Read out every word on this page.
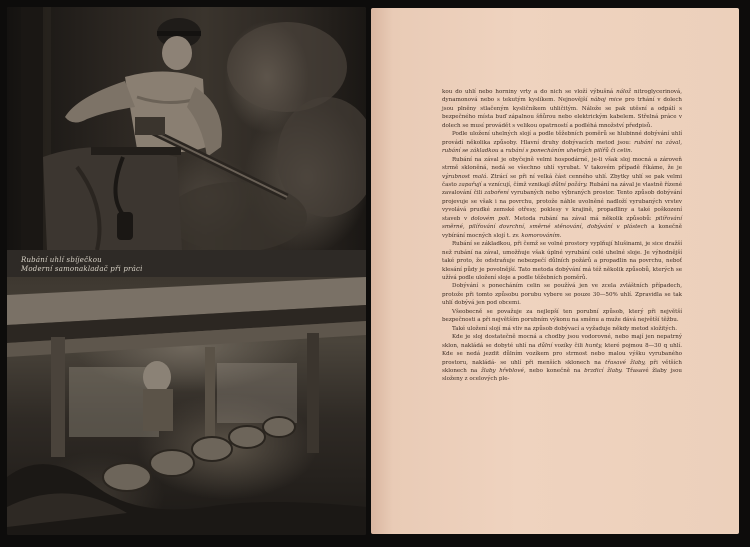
Rubání uhlí sbíječkou
Moderní samonakladač při práci

kou do uhlí nebo horniny vrty a do nich se vloží výbušná nálož nitroglycerinová, dynamonová nebo s tekutým kyslíkem. Nejnovější náboj mice pro trhání v dolech jsou plněny stlačeným kysličníkem uhličitým. Nálože se pak utěsní a odpálí s bezpečného místa buď zápalnou šňůrou nebo elektrickým kabelem. Střelná práce v dolech se musí provádět s velikou opatrností a podléhá množství předpisů.

Podle uložení uhelných slojí a podle těžebních poměrů se hlubinné dobývání uhlí provádí několika způsoby. Hlavní druhy dobývacích metod jsou: rubání na zával, rubání se základkou a rubání s ponecháním uhelných pilířů či celin.

Rubání na zával je obyčejně velmi hospodárné, je-li však sloj mocná a zároveň strmě skloněná, nedá se všechno uhlí vyrubat. V takovém případě říkáme, že je výrubnost malá. Ztrácí se při ní velká část cenného uhlí. Zbytky uhlí se pak velmi často zapařují a vznícují, čímž vznikají důlní požáry. Rubání na zával je vlastně řízené zavalování čili zaboření vyrubaných nebo výbraných prostor. Tento způsob dobývání projevuje se však i na povrchu, protože náhle uvolněné nadloží vyrubaných vrstev vyvolává prudké zemské otřesy, poklesy v krajině, propadliny a také poškození staveb v dolovém poli. Metoda rubání na zával má několik způsobů: pilířování směrné, pilířování dovrchní, směrné stěnování, dobývání v plástech a konečně vybírání mocných slojí t. zv. komorováním.

Rubání se základkou, při čemž se volné prostory vyplňují hlušinami, je sice dražší než rubání na zával, umožňuje však úplné vyrubání celé uhelné sloje. Je výhodnější také proto, že odstraňuje nebezpečí důlních požárů a propadlin na povrchu, neboť klesání půdy je povolnější. Tato metoda dobývání má též několik způsobů, kterých se užívá podle uložení sloje a podle těžebních poměrů.

Dobývání s ponecháním celin se používá jen ve zcela zvláštních případech, protože při tomto způsobu porubu vybere se pouze 30—50% uhlí. Zpravidla se tak uhlí dobývá jen pod obcemi.

Všeobecně se považuje za nejlepší ten porubní způsob, který při největší bezpečnosti a při největším porubním výkonu na směnu a muže dává největší těžbu.

Také uložení slojí má vliv na způsob dobývací a vyžaduje někdy metod složitých.

Kde je sloj dostatečně mocná a chodby jsou vodorovné, nebo mají jen nepatrný sklon, nakládá se dobyté uhlí na důlní vozíky čili hunty, které pojmou 8—30 q uhlí. Kde se nedá jezdit důlním vozíkem pro strmost nebo malou výšku vyrubaného prostoru, nakládá- se uhlí při menších sklonech na třasavé žlaby, při větších sklonech na žlaby hřeblové, nebo konečně na brzdicí žlaby. Třasavé žlaby jsou složeny z ocelových plе-
